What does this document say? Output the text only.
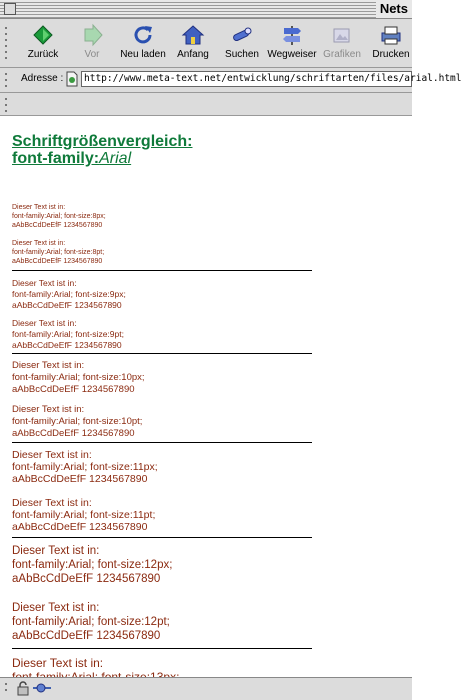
Nets
Zurück	Vor	Neu laden	Anfang	Suchen Wegweiser Grafiken	Drucken
Adresse :	http://www.meta-text.net/entwicklung/schriftarten/files/arial.html
Schriftgrößenvergleich:
font-family:Arial
Dieser Text ist in:
font-family:Arial; font-size:8px;
aAbBcCdDeEfF 1234567890
Dieser Text ist in:
font-family:Arial; font-size:8pt;
aAbBcCdDeEfF 1234567890
Dieser Text ist in:
font-family:Arial; font-size:9px;
aAbBcCdDeEfF 1234567890
Dieser Text ist in:
font-family:Arial; font-size:9pt;
aAbBcCdDeEfF 1234567890
Dieser Text ist in:
font-family:Arial; font-size:10px;
aAbBcCdDeEfF 1234567890
Dieser Text ist in:
font-family:Arial; font-size:10pt;
aAbBcCdDeEfF 1234567890
Dieser Text ist in:
font-family:Arial; font-size:11px;
aAbBcCdDeEfF 1234567890
Dieser Text ist in:
font-family:Arial; font-size:11pt;
aAbBcCdDeEfF 1234567890
Dieser Text ist in:
font-family:Arial; font-size:12px;
aAbBcCdDeEfF 1234567890
Dieser Text ist in:
font-family:Arial; font-size:12pt;
aAbBcCdDeEfF 1234567890
Dieser Text ist in:
